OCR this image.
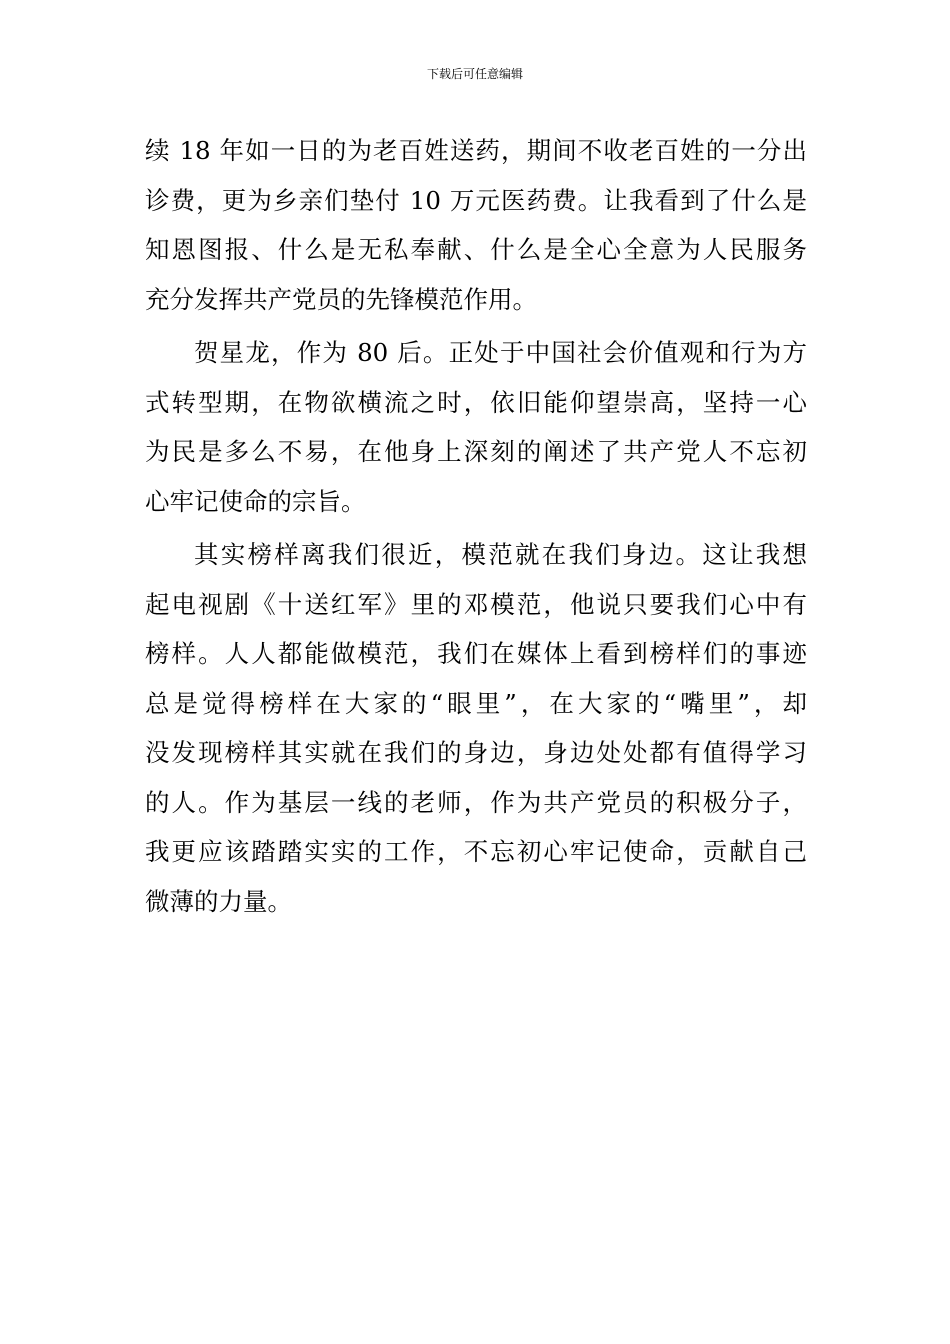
下载后可任意编辑
续 18 年如一日的为老百姓送药，期间不收老百姓的一分出
诊费，更为乡亲们垫付 10 万元医药费。让我看到了什么是
知恩图报、什么是无私奉献、什么是全心全意为人民服务
充分发挥共产党员的先锋模范作用。
贺星龙，作为 80 后。正处于中国社会价值观和行为方
式转型期，在物欲横流之时，依旧能仰望崇高，坚持一心
为民是多么不易，在他身上深刻的阐述了共产党人不忘初
心牢记使命的宗旨。
其实榜样离我们很近，模范就在我们身边。这让我想
起电视剧《十送红军》里的邓模范，他说只要我们心中有
榜样。人人都能做模范，我们在媒体上看到榜样们的事迹
总是觉得榜样在大家的“眼里”，在大家的“嘴里”，却
没发现榜样其实就在我们的身边，身边处处都有值得学习
的人。作为基层一线的老师，作为共产党员的积极分子，
我更应该踏踏实实的工作，不忘初心牢记使命，贡献自己
微薄的力量。
